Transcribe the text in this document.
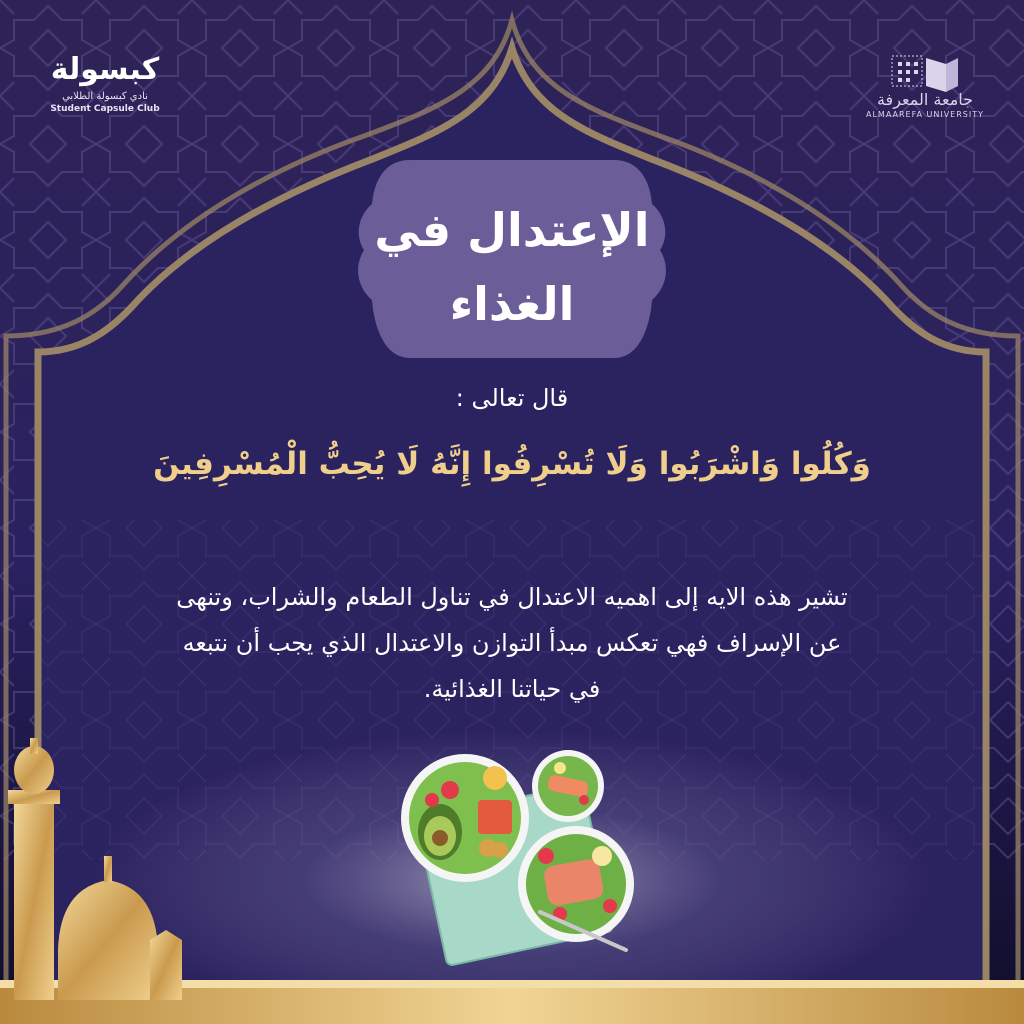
كبسولة
نادي كبسولة الطلابي
Student Capsule Club	جامعة المعرفة
ALMAAREFA UNIVERSITY
الإعتدال في
الغذاء
قال تعالى :
وَكُلُوا وَاشْرَبُوا وَلَا تُسْرِفُوا إِنَّهُ لَا يُحِبُّ الْمُسْرِفِينَ
تشير هذه الايه إلى اهميه الاعتدال في تناول الطعام والشراب، وتنهى
عن الإسراف فهي تعكس مبدأ التوازن والاعتدال الذي يجب أن نتبعه
في حياتنا الغذائية.
